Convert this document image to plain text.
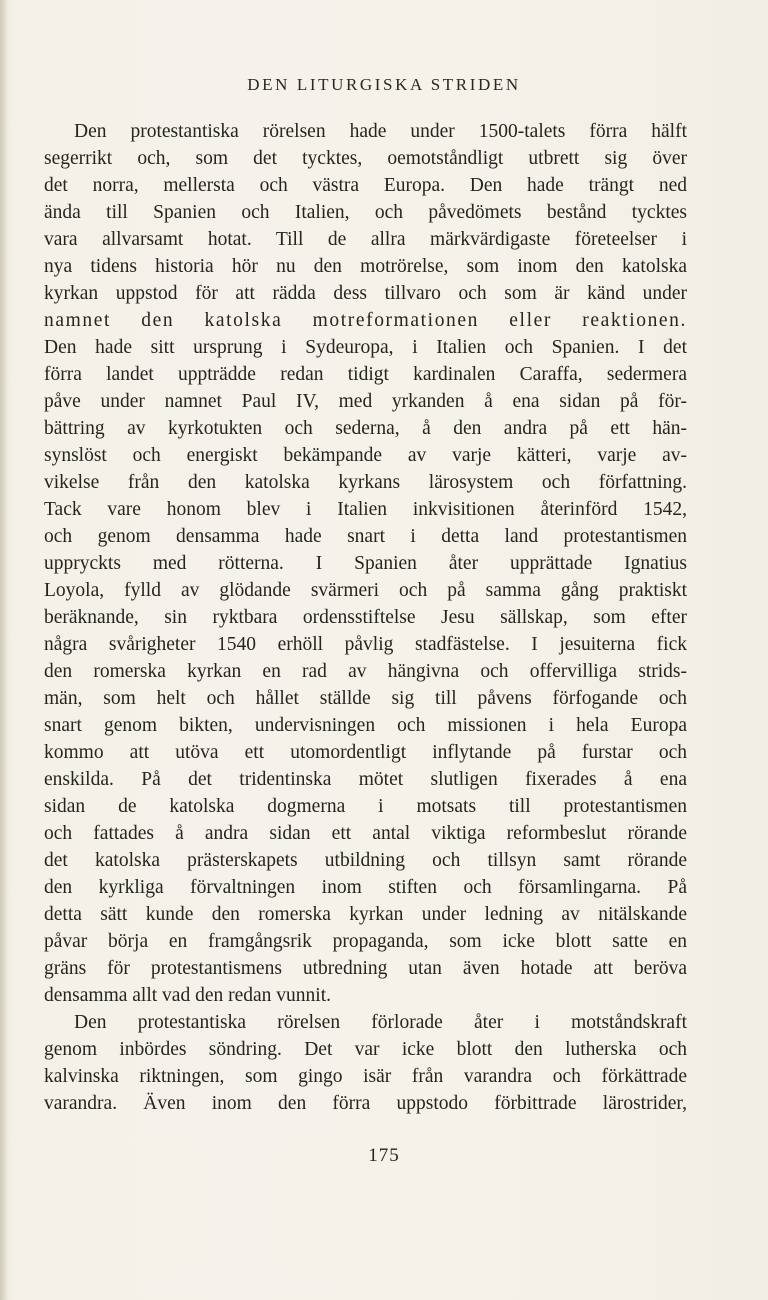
DEN LITURGISKA STRIDEN
Den protestantiska rörelsen hade under 1500-talets förra hälft
segerrikt och, som det tycktes, oemotståndligt utbrett sig över
det norra, mellersta och västra Europa. Den hade trängt ned
ända till Spanien och Italien, och påvedömets bestånd tycktes
vara allvarsamt hotat. Till de allra märkvärdigaste företeelser i
nya tidens historia hör nu den motrörelse, som inom den katolska
kyrkan uppstod för att rädda dess tillvaro och som är känd under
namnet den katolska motreformationen eller reaktionen.
Den hade sitt ursprung i Sydeuropa, i Italien och Spanien. I det
förra landet uppträdde redan tidigt kardinalen Caraffa, sedermera
påve under namnet Paul IV, med yrkanden å ena sidan på för-
bättring av kyrkotukten och sederna, å den andra på ett hän-
synslöst och energiskt bekämpande av varje kätteri, varje av-
vikelse från den katolska kyrkans lärosystem och författning.
Tack vare honom blev i Italien inkvisitionen återinförd 1542,
och genom densamma hade snart i detta land protestantismen
uppryckts med rötterna. I Spanien åter upprättade Ignatius
Loyola, fylld av glödande svärmeri och på samma gång praktiskt
beräknande, sin ryktbara ordensstiftelse Jesu sällskap, som efter
några svårigheter 1540 erhöll påvlig stadfästelse. I jesuiterna fick
den romerska kyrkan en rad av hängivna och offervilliga strids-
män, som helt och hållet ställde sig till påvens förfogande och
snart genom bikten, undervisningen och missionen i hela Europa
kommo att utöva ett utomordentligt inflytande på furstar och
enskilda. På det tridentinska mötet slutligen fixerades å ena
sidan de katolska dogmerna i motsats till protestantismen
och fattades å andra sidan ett antal viktiga reformbeslut rörande
det katolska prästerskapets utbildning och tillsyn samt rörande
den kyrkliga förvaltningen inom stiften och församlingarna. På
detta sätt kunde den romerska kyrkan under ledning av nitälskande
påvar börja en framgångsrik propaganda, som icke blott satte en
gräns för protestantismens utbredning utan även hotade att beröva
densamma allt vad den redan vunnit.
Den protestantiska rörelsen förlorade åter i motståndskraft
genom inbördes söndring. Det var icke blott den lutherska och
kalvinska riktningen, som gingo isär från varandra och förkättrade
varandra. Även inom den förra uppstodo förbittrade lärostrider,
175
